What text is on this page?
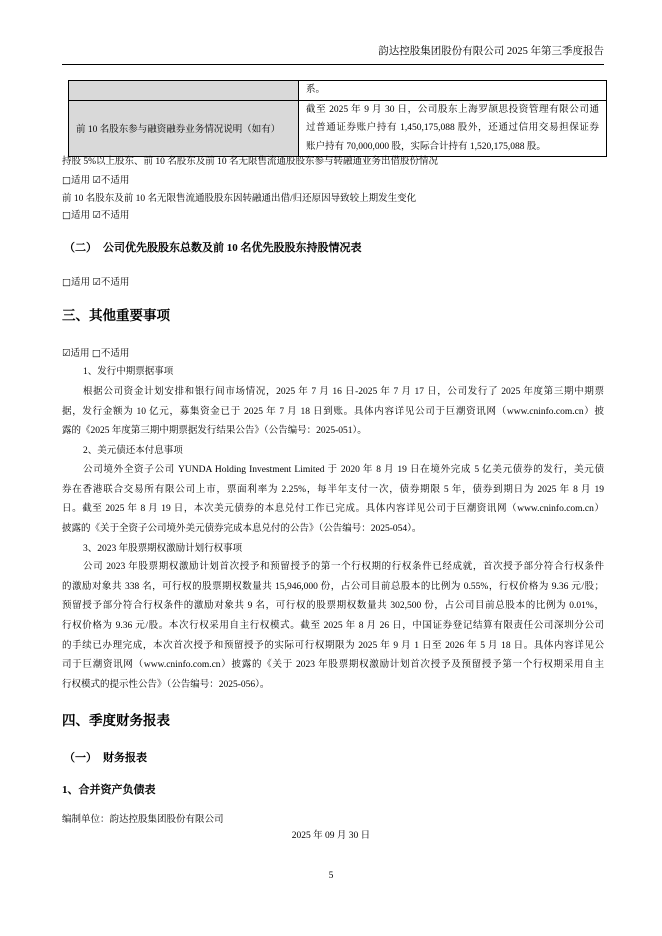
韵达控股集团股份有限公司 2025 年第三季度报告

	系。

前 10 名股东参与融资融券业务情况说明（如有）	截至 2025 年 9 月 30 日，公司股东上海罗颉思投资管理有限公司通
过普通证券账户持有 1,450,175,088 股外，还通过信用交易担保证券
账户持有 70,000,000 股，实际合计持有 1,520,175,088 股。
持股 5%以上股东、前 10 名股东及前 10 名无限售流通股股东参与转融通业务出借股份情况
□适用 ☑不适用
前 10 名股东及前 10 名无限售流通股股东因转融通出借/归还原因导致较上期发生变化
□适用 ☑不适用
（二） 公司优先股股东总数及前 10 名优先股股东持股情况表
□适用 ☑不适用
三、其他重要事项
☑适用 □不适用
1、发行中期票据事项
根据公司资金计划安排和银行间市场情况，2025 年 7 月 16 日-2025 年 7 月 17 日，公司发行了 2025 年度第三期中期票
据，发行金额为 10 亿元，募集资金已于 2025 年 7 月 18 日到账。具体内容详见公司于巨潮资讯网（www.cninfo.com.cn）披
露的《2025 年度第三期中期票据发行结果公告》（公告编号：2025-051）。
2、美元债还本付息事项
公司境外全资子公司 YUNDA Holding Investment Limited 于 2020 年 8 月 19 日在境外完成 5 亿美元债券的发行，美元债
券在香港联合交易所有限公司上市，票面利率为 2.25%，每半年支付一次，债券期限 5 年，债券到期日为 2025 年 8 月 19
日。截至 2025 年 8 月 19 日，本次美元债券的本息兑付工作已完成。具体内容详见公司于巨潮资讯网（www.cninfo.com.cn）
披露的《关于全资子公司境外美元债券完成本息兑付的公告》（公告编号：2025-054）。
3、2023 年股票期权激励计划行权事项
公司 2023 年股票期权激励计划首次授予和预留授予的第一个行权期的行权条件已经成就，首次授予部分符合行权条件
的激励对象共 338 名，可行权的股票期权数量共 15,946,000 份，占公司目前总股本的比例为 0.55%，行权价格为 9.36 元/股；
预留授予部分符合行权条件的激励对象共 9 名，可行权的股票期权数量共 302,500 份，占公司目前总股本的比例为 0.01%，
行权价格为 9.36 元/股。本次行权采用自主行权模式。截至 2025 年 8 月 26 日，中国证券登记结算有限责任公司深圳分公司
的手续已办理完成，本次首次授予和预留授予的实际可行权期限为 2025 年 9 月 1 日至 2026 年 5 月 18 日。具体内容详见公
司于巨潮资讯网（www.cninfo.com.cn）披露的《关于 2023 年股票期权激励计划首次授予及预留授予第一个行权期采用自主
行权模式的提示性公告》（公告编号：2025-056）。
四、季度财务报表
（一） 财务报表
1、合并资产负债表
编制单位：韵达控股集团股份有限公司
2025 年 09 月 30 日
5
